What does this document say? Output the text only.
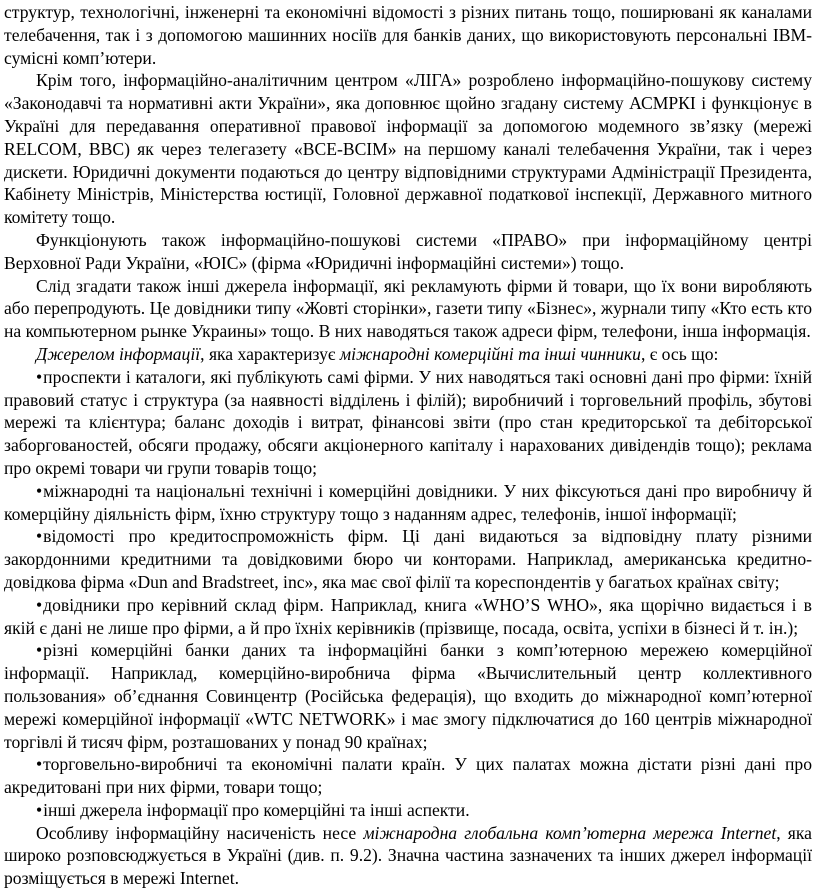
структур, технологічні, інженерні та економічні відомості з різних питань тощо, поширювані як каналами телебачення, так і з допомогою машинних носіїв для банків даних, що використовують персональні IBM-сумісні комп’ютери.

Крім того, інформаційно-аналітичним центром «ЛІГА» розроблено інформаційно-пошукову систему «Законодавчі та нормативні акти України», яка доповнює щойно згадану систему АСМРКІ і функціонує в Україні для передавання оперативної правової інформації за допомогою модемного зв’язку (мережі RELCOM, BBC) як через телегазету «ВСЕ-ВСІМ» на першому каналі телебачення України, так і через дискети. Юридичні документи подаються до центру відповідними структурами Адміністрації Президента, Кабінету Міністрів, Міністерства юстиції, Головної державної податкової інспекції, Державного митного комітету тощо.

Функціонують також інформаційно-пошукові системи «ПРАВО» при інформаційному центрі Верховної Ради України, «ЮІС» (фірма «Юридичні інформаційні системи») тощо.

Слід згадати також інші джерела інформації, які рекламують фірми й товари, що їх вони виробляють або перепродують. Це довідники типу «Жовті сторінки», газети типу «Бізнес», журнали типу «Кто есть кто на компьютерном рынке Украины» тощо. В них наводяться також адреси фірм, телефони, інша інформація.

Джерелом інформації, яка характеризує міжнародні комерційні та інші чинники, є ось що:

•проспекти і каталоги, які публікують самі фірми. У них наводяться такі основні дані про фірми: їхній правовий статус і структура (за наявності відділень і філій); виробничий і торговельний профіль, збутові мережі та клієнтура; баланс доходів і витрат, фінансові звіти (про стан кредиторської та дебіторської заборгованостей, обсяги продажу, обсяги акціонерного капіталу і нарахованих дивідендів тощо); реклама про окремі товари чи групи товарів тощо;

•міжнародні та національні технічні і комерційні довідники. У них фіксуються дані про виробничу й комерційну діяльність фірм, їхню структуру тощо з наданням адрес, телефонів, іншої інформації;

•відомості про кредитоспроможність фірм. Ці дані видаються за відповідну плату різними закордонними кредитними та довідковими бюро чи конторами. Наприклад, американська кредитно-довідкова фірма «Dun and Bradstreet, inc», яка має свої філії та кореспондентів у багатьох країнах світу;

•довідники про керівний склад фірм. Наприклад, книга «WHO’S WHO», яка щорічно видається і в якій є дані не лише про фірми, а й про їхніх керівників (прізвище, посада, освіта, успіхи в бізнесі й т. ін.);

•різні комерційні банки даних та інформаційні банки з комп’ютерною мережею комерційної інформації. Наприклад, комерційно-виробнича фірма «Вычислительный центр коллективного пользования» об’єднання Совинцентр (Російська федерація), що входить до міжнародної комп’ютерної мережі комерційної інформації «WTC NETWORK» і має змогу підключатися до 160 центрів міжнародної торгівлі й тисяч фірм, розташованих у понад 90 країнах;

•торговельно-виробничі та економічні палати країн. У цих палатах можна дістати різні дані про акредитовані при них фірми, товари тощо;

•інші джерела інформації про комерційні та інші аспекти.

Особливу інформаційну насиченість несе міжнародна глобальна комп’ютерна мережа Internet, яка широко розповсюджується в Україні (див. п. 9.2). Значна частина зазначених та інших джерел інформації розміщується в мережі Internet.
